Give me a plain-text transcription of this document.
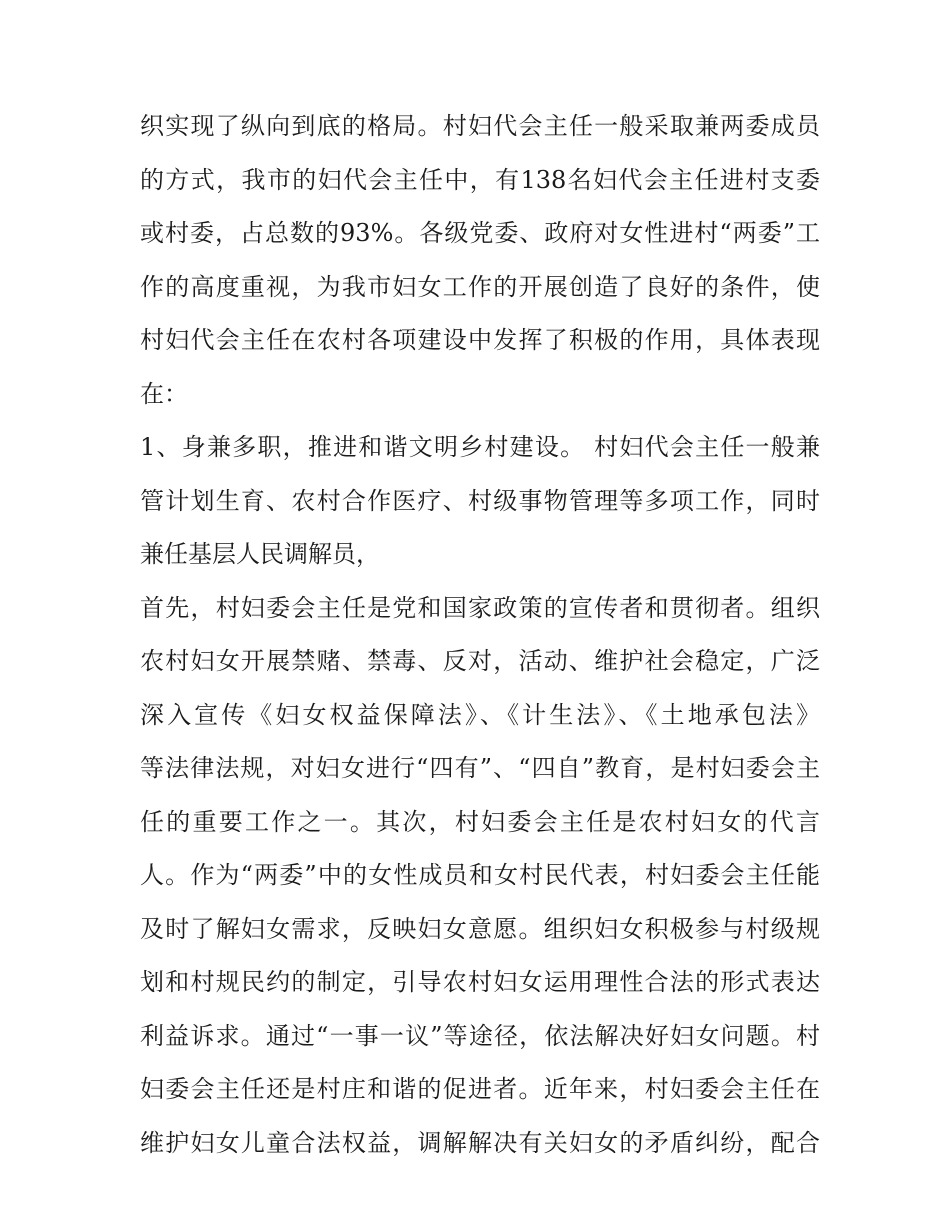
织实现了纵向到底的格局。村妇代会主任一般采取兼两委成员
的方式，我市的妇代会主任中，有138名妇代会主任进村支委
或村委，占总数的93%。各级党委、政府对女性进村“两委”工
作的高度重视，为我市妇女工作的开展创造了良好的条件，使
村妇代会主任在农村各项建设中发挥了积极的作用，具体表现
在：
1、身兼多职，推进和谐文明乡村建设。 村妇代会主任一般兼
管计划生育、农村合作医疗、村级事物管理等多项工作，同时
兼任基层人民调解员，
首先，村妇委会主任是党和国家政策的宣传者和贯彻者。组织
农村妇女开展禁赌、禁毒、反对，活动、维护社会稳定，广泛
深入宣传《妇女权益保障法》、《计生法》、《土地承包法》
等法律法规，对妇女进行“四有”、“四自”教育，是村妇委会主
任的重要工作之一。其次，村妇委会主任是农村妇女的代言
人。作为“两委”中的女性成员和女村民代表，村妇委会主任能
及时了解妇女需求，反映妇女意愿。组织妇女积极参与村级规
划和村规民约的制定，引导农村妇女运用理性合法的形式表达
利益诉求。通过“一事一议”等途径，依法解决好妇女问题。村
妇委会主任还是村庄和谐的促进者。近年来，村妇委会主任在
维护妇女儿童合法权益，调解解决有关妇女的矛盾纠纷，配合
